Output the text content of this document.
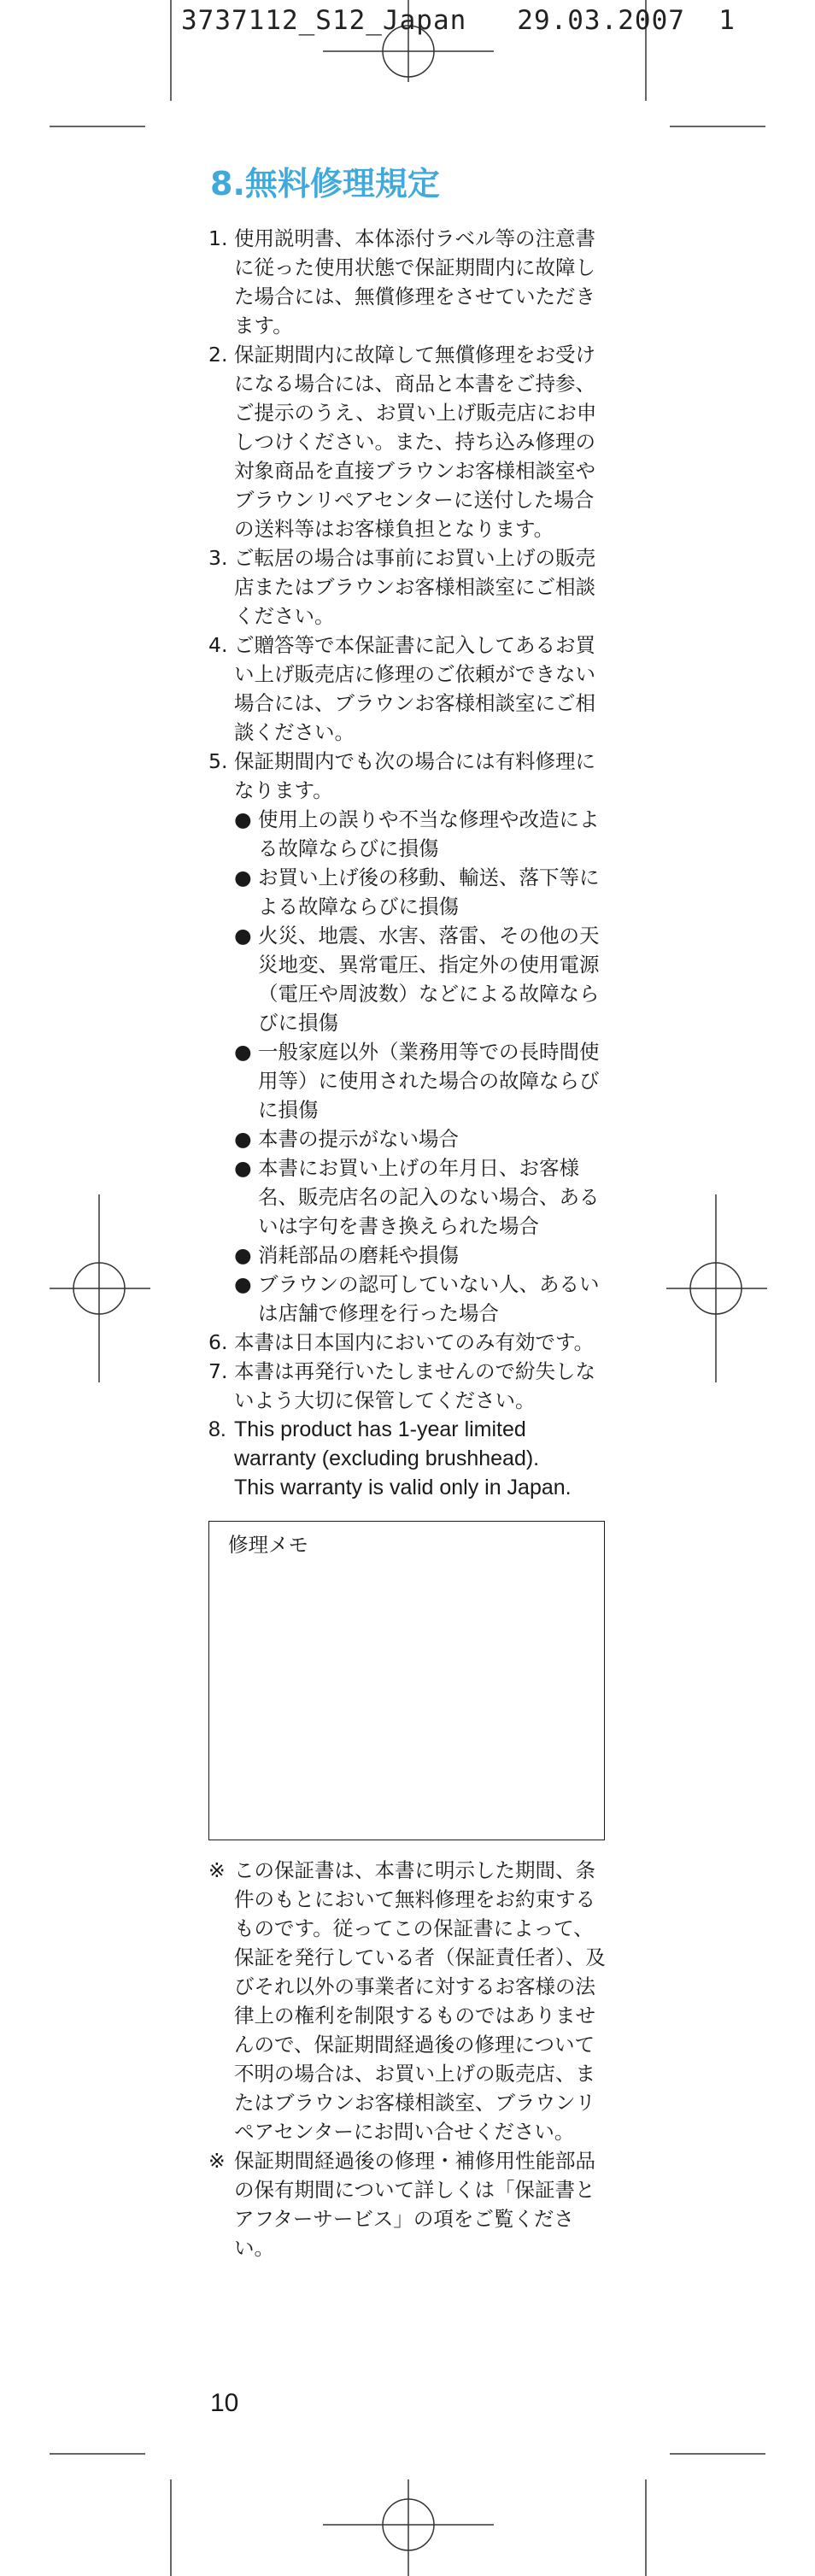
3737112_S12_Japan 29.03.2007 1
8.無料修理規定
1. 使用説明書、本体添付ラベル等の注意書に従った使用状態で保証期間内に故障した場合には、無償修理をさせていただきます。
2. 保証期間内に故障して無償修理をお受けになる場合には、商品と本書をご持参、ご提示のうえ、お買い上げ販売店にお申しつけください。また、持ち込み修理の対象商品を直接ブラウンお客様相談室やブラウンリペアセンターに送付した場合の送料等はお客様負担となります。
3. ご転居の場合は事前にお買い上げの販売店またはブラウンお客様相談室にご相談ください。
4. ご贈答等で本保証書に記入してあるお買い上げ販売店に修理のご依頼ができない場合には、ブラウンお客様相談室にご相談ください。
5. 保証期間内でも次の場合には有料修理になります。
● 使用上の誤りや不当な修理や改造による故障ならびに損傷
● お買い上げ後の移動、輸送、落下等による故障ならびに損傷
● 火災、地震、水害、落雷、その他の天災地変、異常電圧、指定外の使用電源（電圧や周波数）などによる故障ならびに損傷
● 一般家庭以外（業務用等での長時間使用等）に使用された場合の故障ならびに損傷
● 本書の提示がない場合
● 本書にお買い上げの年月日、お客様名、販売店名の記入のない場合、あるいは字句を書き換えられた場合
● 消耗部品の磨耗や損傷
● ブラウンの認可していない人、あるいは店舗で修理を行った場合
6. 本書は日本国内においてのみ有効です。
7. 本書は再発行いたしませんので紛失しないよう大切に保管してください。
8. This product has 1-year limited
warranty (excluding brushhead).
This warranty is valid only in Japan.
修理メモ
※ この保証書は、本書に明示した期間、条件のもとにおいて無料修理をお約束するものです。従ってこの保証書によって、保証を発行している者（保証責任者）、及びそれ以外の事業者に対するお客様の法律上の権利を制限するものではありませんので、保証期間経過後の修理について不明の場合は、お買い上げの販売店、またはブラウンお客様相談室、ブラウンリペアセンターにお問い合せください。
※ 保証期間経過後の修理・補修用性能部品の保有期間について詳しくは「保証書とアフターサービス」の項をご覧ください。
10
